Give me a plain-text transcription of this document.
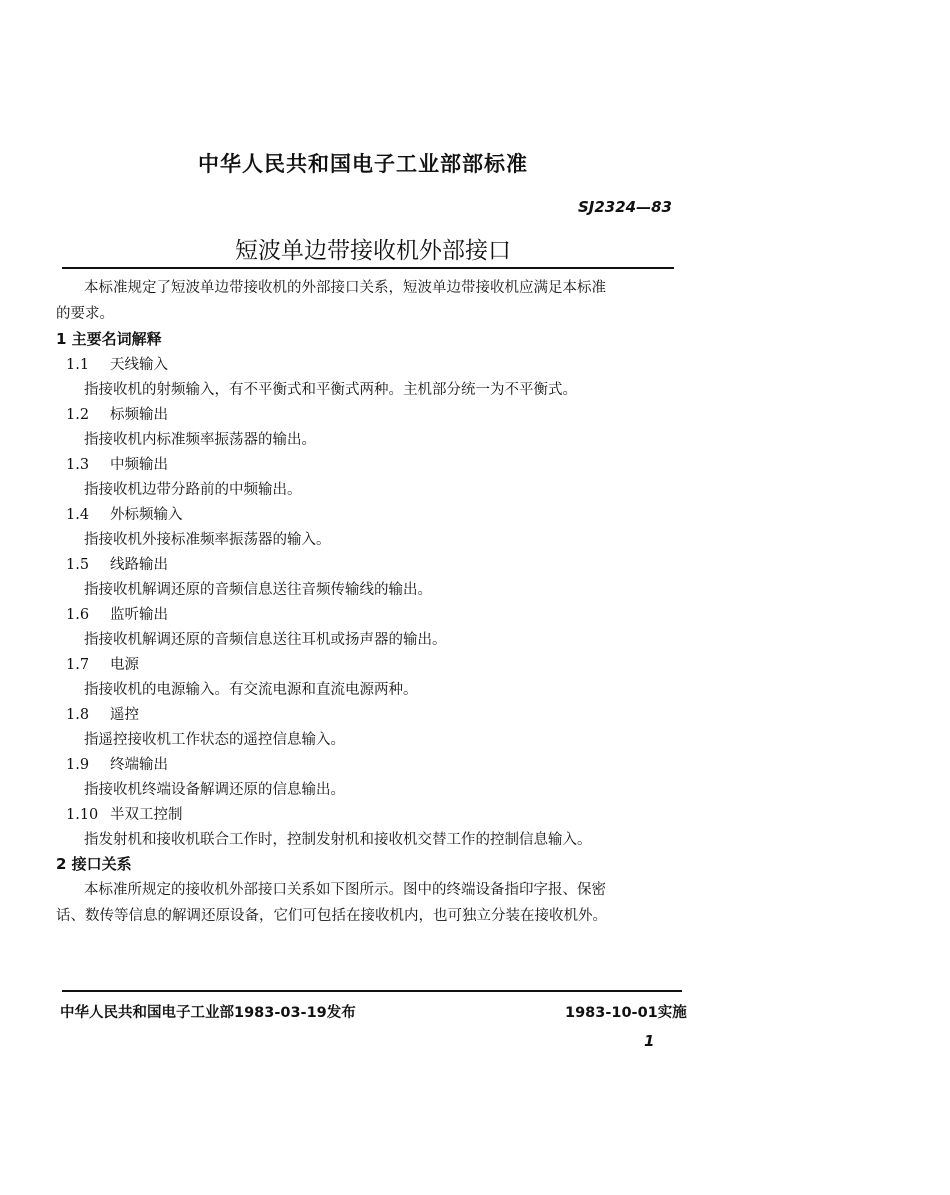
中华人民共和国电子工业部部标准
SJ2324—83
短波单边带接收机外部接口
本标准规定了短波单边带接收机的外部接口关系，短波单边带接收机应满足本标准
的要求。
1 主要名词解释
1.1 天线输入
指接收机的射频输入，有不平衡式和平衡式两种。主机部分统一为不平衡式。
1.2 标频输出
指接收机内标准频率振荡器的输出。
1.3 中频输出
指接收机边带分路前的中频输出。
1.4 外标频输入
指接收机外接标准频率振荡器的输入。
1.5 线路输出
指接收机解调还原的音频信息送往音频传输线的输出。
1.6 监听输出
指接收机解调还原的音频信息送往耳机或扬声器的输出。
1.7 电源
指接收机的电源输入。有交流电源和直流电源两种。
1.8 遥控
指遥控接收机工作状态的遥控信息输入。
1.9 终端输出
指接收机终端设备解调还原的信息输出。
1.10 半双工控制
指发射机和接收机联合工作时，控制发射机和接收机交替工作的控制信息输入。
2 接口关系
本标准所规定的接收机外部接口关系如下图所示。图中的终端设备指印字报、保密
话、数传等信息的解调还原设备，它们可包括在接收机内，也可独立分装在接收机外。
中华人民共和国电子工业部1983-03-19发布	1983-10-01实施
1
